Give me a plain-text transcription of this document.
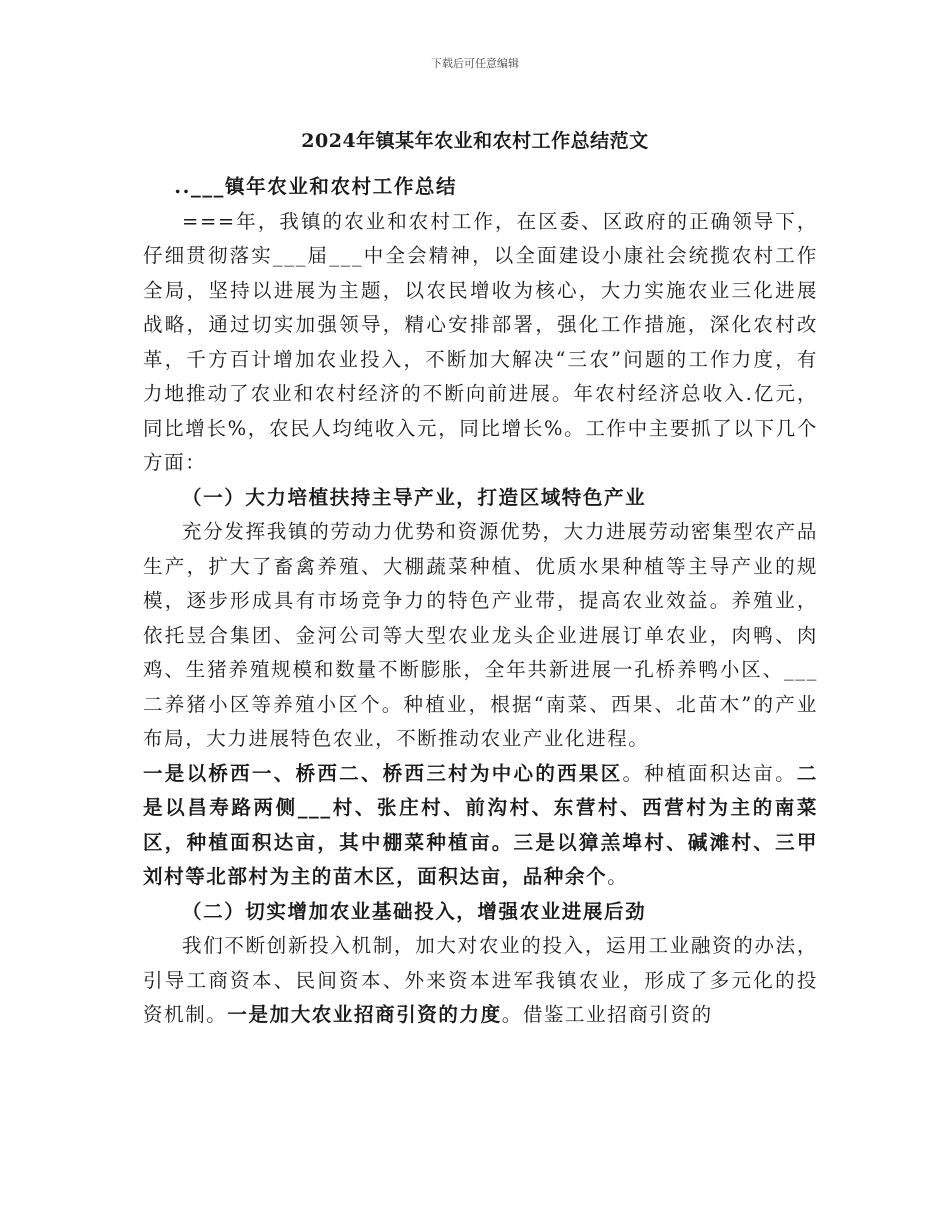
下载后可任意编辑
2024年镇某年农业和农村工作总结范文

..___镇年农业和农村工作总结

===年，我镇的农业和农村工作，在区委、区政府的正确领导下，仔细贯彻落实___届___中全会精神，以全面建设小康社会统揽农村工作全局，坚持以进展为主题，以农民增收为核心，大力实施农业三化进展战略，通过切实加强领导，精心安排部署，强化工作措施，深化农村改革，千方百计增加农业投入，不断加大解决“三农”问题的工作力度，有力地推动了农业和农村经济的不断向前进展。年农村经济总收入.亿元，同比增长%，农民人均纯收入元，同比增长%。工作中主要抓了以下几个方面：

（一）大力培植扶持主导产业，打造区域特色产业

充分发挥我镇的劳动力优势和资源优势，大力进展劳动密集型农产品生产，扩大了畜禽养殖、大棚蔬菜种植、优质水果种植等主导产业的规模，逐步形成具有市场竞争力的特色产业带，提高农业效益。养殖业，依托昱合集团、金河公司等大型农业龙头企业进展订单农业，肉鸭、肉鸡、生猪养殖规模和数量不断膨胀，全年共新进展一孔桥养鸭小区、___二养猪小区等养殖小区个。种植业，根据“南菜、西果、北苗木”的产业布局，大力进展特色农业，不断推动农业产业化进程。

一是以桥西一、桥西二、桥西三村为中心的西果区。种植面积达亩。二是以昌寿路两侧___村、张庄村、前沟村、东营村、西营村为主的南菜区，种植面积达亩，其中棚菜种植亩。三是以獐羔埠村、碱滩村、三甲刘村等北部村为主的苗木区，面积达亩，品种余个。

（二）切实增加农业基础投入，增强农业进展后劲

我们不断创新投入机制，加大对农业的投入，运用工业融资的办法，引导工商资本、民间资本、外来资本进军我镇农业，形成了多元化的投资机制。一是加大农业招商引资的力度。借鉴工业招商引资的
